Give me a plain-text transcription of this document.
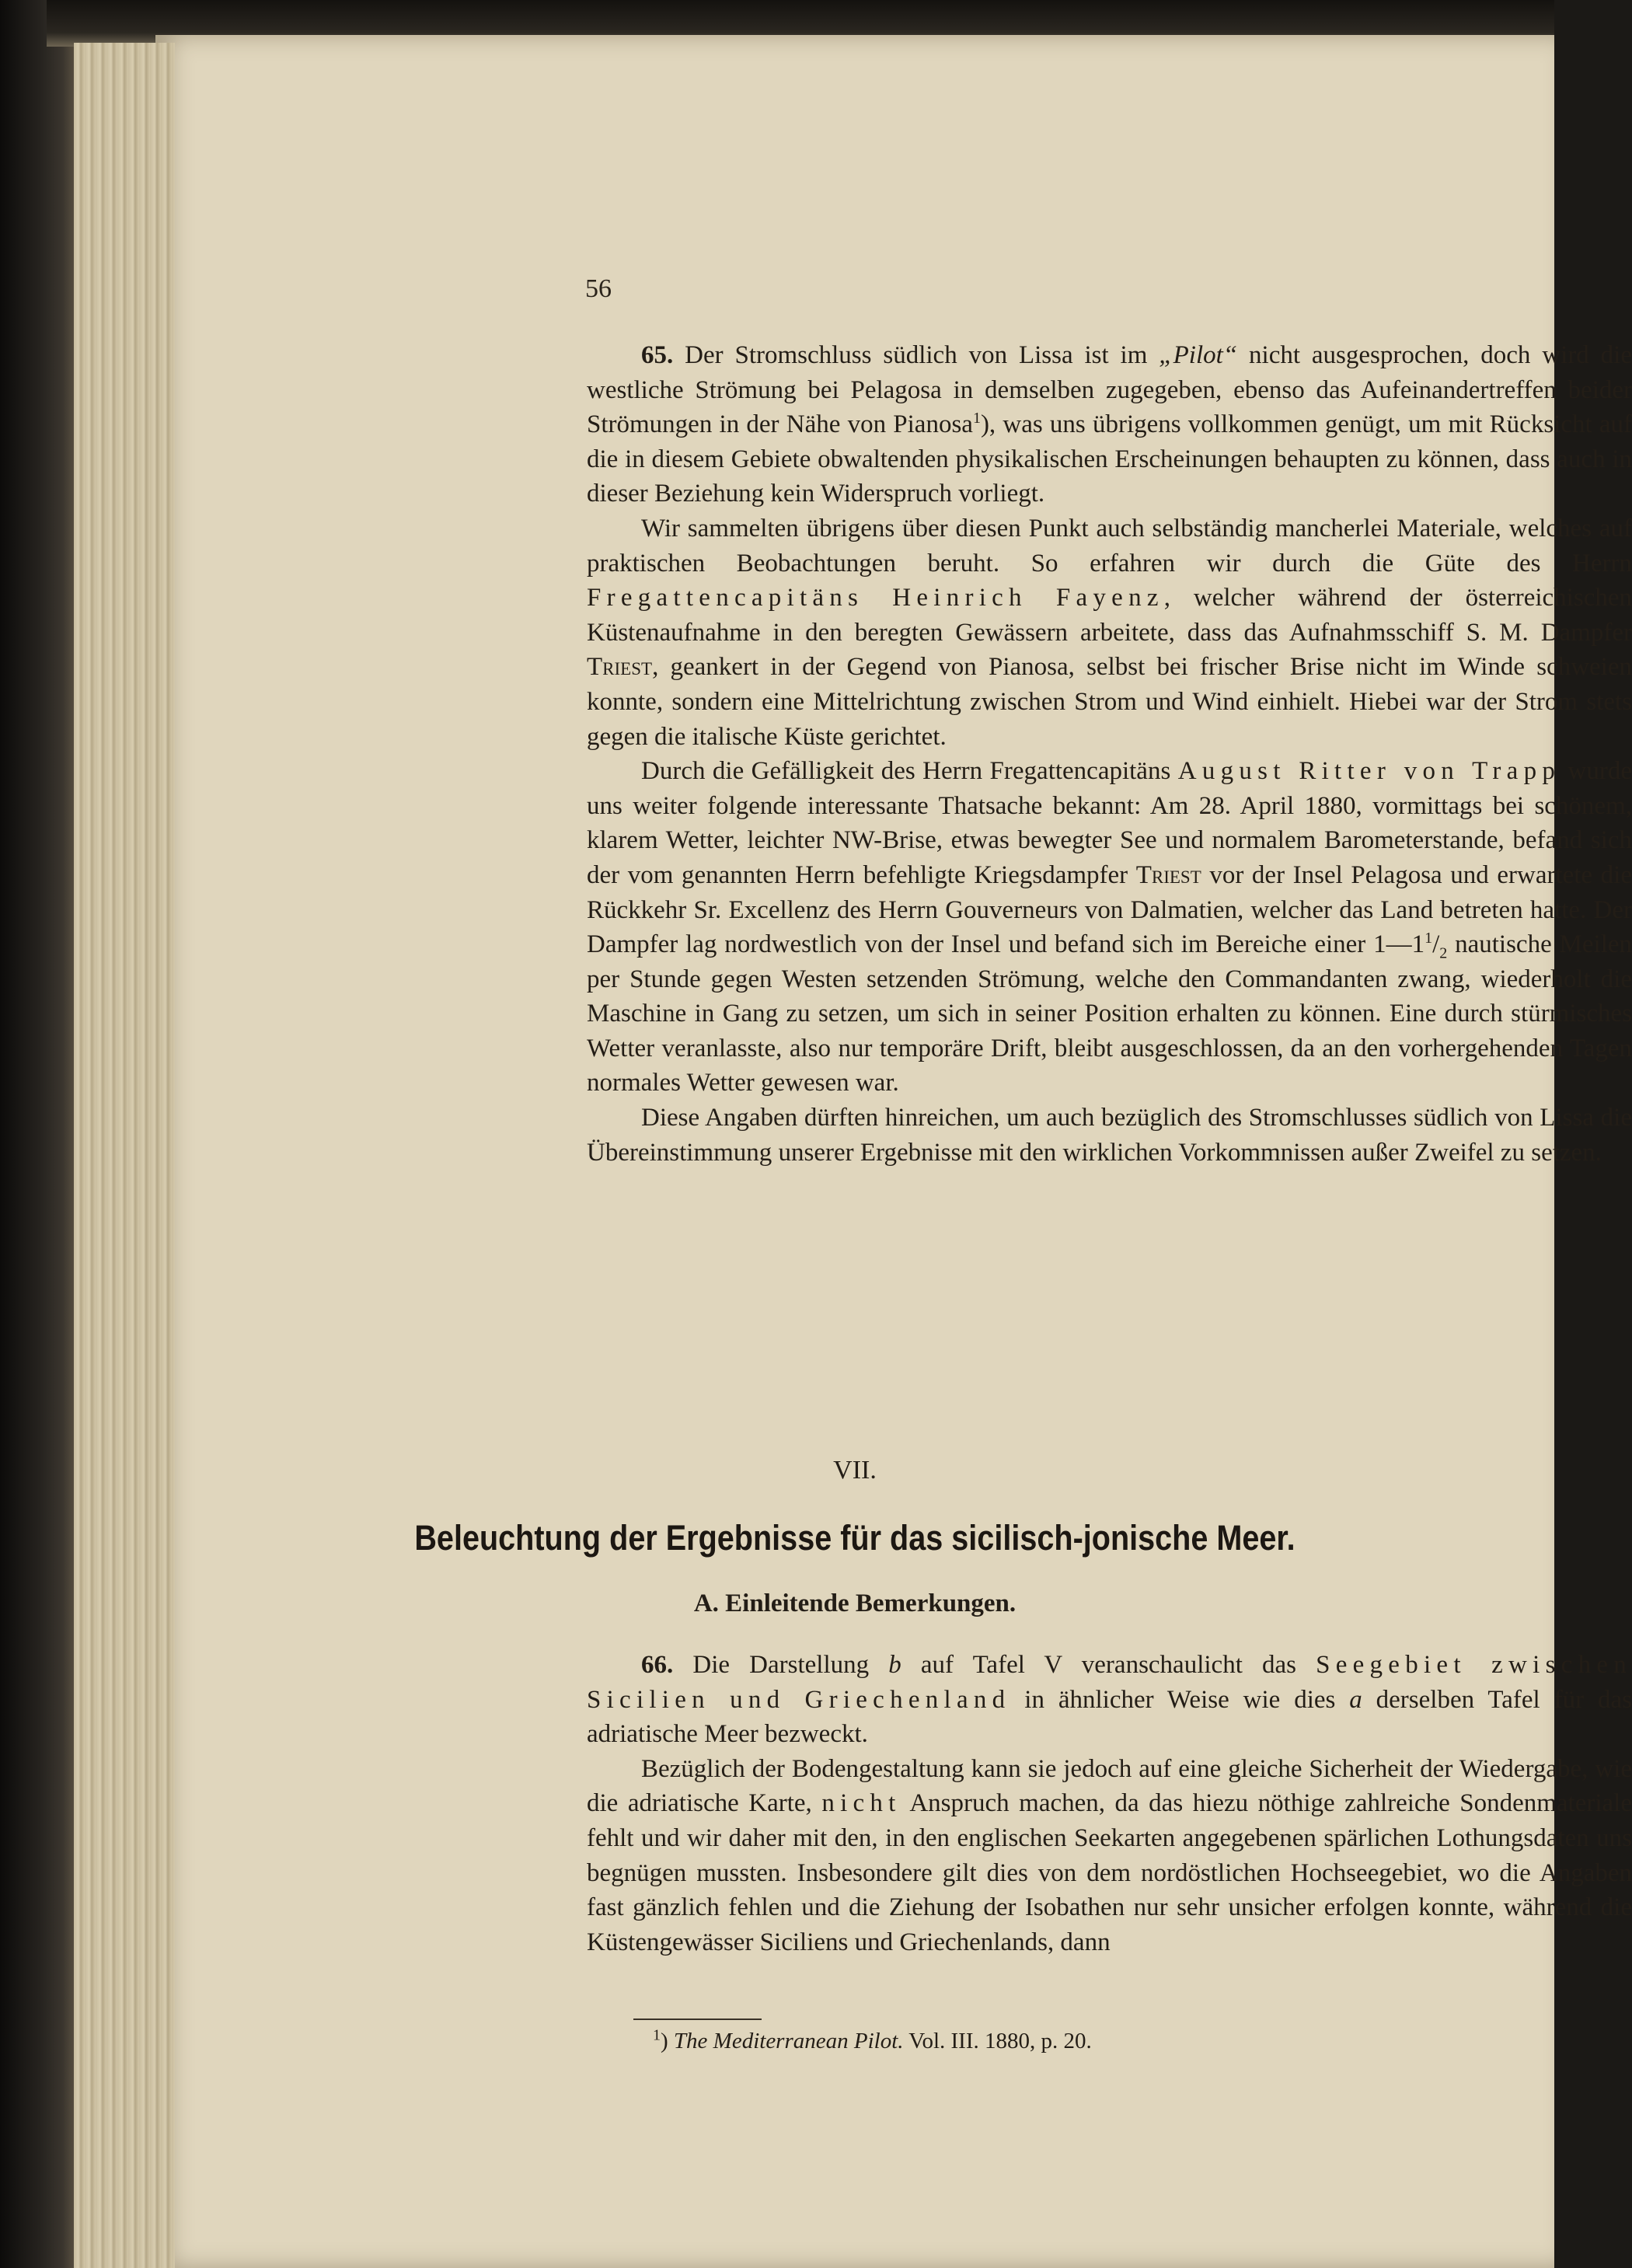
56

65. Der Stromschluss südlich von Lissa ist im „Pilot“ nicht ausgesprochen, doch wird die westliche Strömung bei Pelagosa in demselben zugegeben, ebenso das Aufeinandertreffen beider Strömungen in der Nähe von Pianosa$^1$), was uns übrigens vollkommen genügt, um mit Rücksicht auf die in diesem Gebiete obwaltenden physikalischen Erscheinungen behaupten zu können, dass auch in dieser Beziehung kein Widerspruch vorliegt.

Wir sammelten übrigens über diesen Punkt auch selbständig mancherlei Materiale, welches auf praktischen Beobachtungen beruht. So erfahren wir durch die Güte des Herrn Fregattencapitäns Heinrich Fayenz, welcher während der österreichischen Küstenaufnahme in den beregten Gewässern arbeitete, dass das Aufnahmsschiff S. M. Dampfer Triest, geankert in der Gegend von Pianosa, selbst bei frischer Brise nicht im Winde schweien konnte, sondern eine Mittelrichtung zwischen Strom und Wind einhielt. Hiebei war der Strom stets gegen die italische Küste gerichtet.

Durch die Gefälligkeit des Herrn Fregattencapitäns August Ritter von Trapp wurde uns weiter folgende interessante Thatsache bekannt: Am 28. April 1880, vormittags bei schönem, klarem Wetter, leichter NW-Brise, etwas bewegter See und normalem Barometerstande, befand sich der vom genannten Herrn befehligte Kriegsdampfer Triest vor der Insel Pelagosa und erwartete die Rückkehr Sr. Excellenz des Herrn Gouverneurs von Dalmatien, welcher das Land betreten hatte. Der Dampfer lag nordwestlich von der Insel und befand sich im Bereiche einer $1—1^1/_2$ nautische Meilen per Stunde gegen Westen setzenden Strömung, welche den Commandanten zwang, wiederholt die Maschine in Gang zu setzen, um sich in seiner Position erhalten zu können. Eine durch stürmisches Wetter veranlasste, also nur temporäre Drift, bleibt ausgeschlossen, da an den vorhergehenden Tagen normales Wetter gewesen war.

Diese Angaben dürften hinreichen, um auch bezüglich des Stromschlusses südlich von Lissa die Übereinstimmung unserer Ergebnisse mit den wirklichen Vorkommnissen außer Zweifel zu setzen.

VII.
Beleuchtung der Ergebnisse für das sicilisch-jonische Meer.
A. Einleitende Bemerkungen.

66. Die Darstellung b auf Tafel V veranschaulicht das Seegebiet zwischen Sicilien und Griechenland in ähnlicher Weise wie dies a derselben Tafel für das adriatische Meer bezweckt.

Bezüglich der Bodengestaltung kann sie jedoch auf eine gleiche Sicherheit der Wiedergabe, wie die adriatische Karte, nicht Anspruch machen, da das hiezu nöthige zahlreiche Sondenmateriale fehlt und wir daher mit den, in den englischen Seekarten angegebenen spärlichen Lothungsdaten uns begnügen mussten. Insbesondere gilt dies von dem nordöstlichen Hochseegebiet, wo die Angaben fast gänzlich fehlen und die Ziehung der Isobathen nur sehr unsicher erfolgen konnte, während die Küstengewässer Siciliens und Griechenlands, dann

$^1$) The Mediterranean Pilot. Vol. III. 1880, p. 20.
